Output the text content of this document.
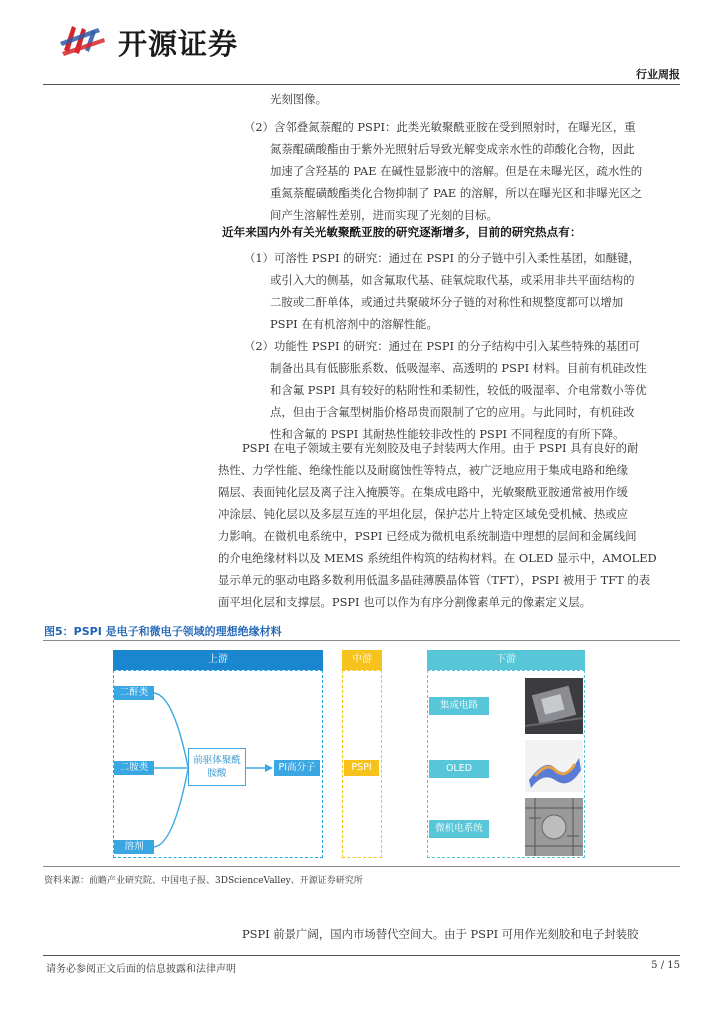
开源证券
行业周报
光刻图像。
（2）含邻叠氮萘醌的 PSPI：此类光敏聚酰亚胺在受到照射时，在曝光区，重
氮萘醌磺酸酯由于紫外光照射后导致光解变成亲水性的茚酸化合物，因此
加速了含羟基的 PAE 在碱性显影液中的溶解。但是在未曝光区，疏水性的
重氮萘醌磺酸酯类化合物抑制了 PAE 的溶解，所以在曝光区和非曝光区之
间产生溶解性差别，进而实现了光刻的目标。
近年来国内外有关光敏聚酰亚胺的研究逐渐增多，目前的研究热点有：
（1）可溶性 PSPI 的研究：通过在 PSPI 的分子链中引入柔性基团，如醚键，
或引入大的侧基，如含氟取代基、硅氧烷取代基，或采用非共平面结构的
二胺或二酐单体，或通过共聚破坏分子链的对称性和规整度都可以增加
PSPI 在有机溶剂中的溶解性能。
（2）功能性 PSPI 的研究：通过在 PSPI 的分子结构中引入某些特殊的基团可
制备出具有低膨胀系数、低吸湿率、高透明的 PSPI 材料。目前有机硅改性
和含氟 PSPI 具有较好的粘附性和柔韧性，较低的吸湿率、介电常数小等优
点，但由于含氟型树脂价格昂贵而限制了它的应用。与此同时，有机硅改
性和含氟的 PSPI 其耐热性能较非改性的 PSPI 不同程度的有所下降。
PSPI 在电子领域主要有光刻胶及电子封装两大作用。由于 PSPI 具有良好的耐
热性、力学性能、绝缘性能以及耐腐蚀性等特点，被广泛地应用于集成电路和绝缘
隔层、表面钝化层及离子注入掩膜等。在集成电路中，光敏聚酰亚胺通常被用作缓
冲涂层、钝化层以及多层互连的平坦化层，保护芯片上特定区域免受机械、热或应
力影响。在微机电系统中，PSPI 已经成为微机电系统制造中理想的层间和金属线间
的介电绝缘材料以及 MEMS 系统组件构筑的结构材料。在 OLED 显示中，AMOLED
显示单元的驱动电路多数利用低温多晶硅薄膜晶体管（TFT），PSPI 被用于 TFT 的表
面平坦化层和支撑层。PSPI 也可以作为有序分割像素单元的像素定义层。
图5：PSPI 是电子和微电子领域的理想绝缘材料
上游	中游	下游
二酐类
二胺类
溶剂
前驱体聚酰胺酸
PI高分子	PSPI
集成电路
OLED
微机电系统
资料来源：前瞻产业研究院、中国电子报、3DScienceValley、开源证券研究所
PSPI 前景广阔，国内市场替代空间大。由于 PSPI 可用作光刻胶和电子封装胶
请务必参阅正文后面的信息披露和法律声明	5 / 15
